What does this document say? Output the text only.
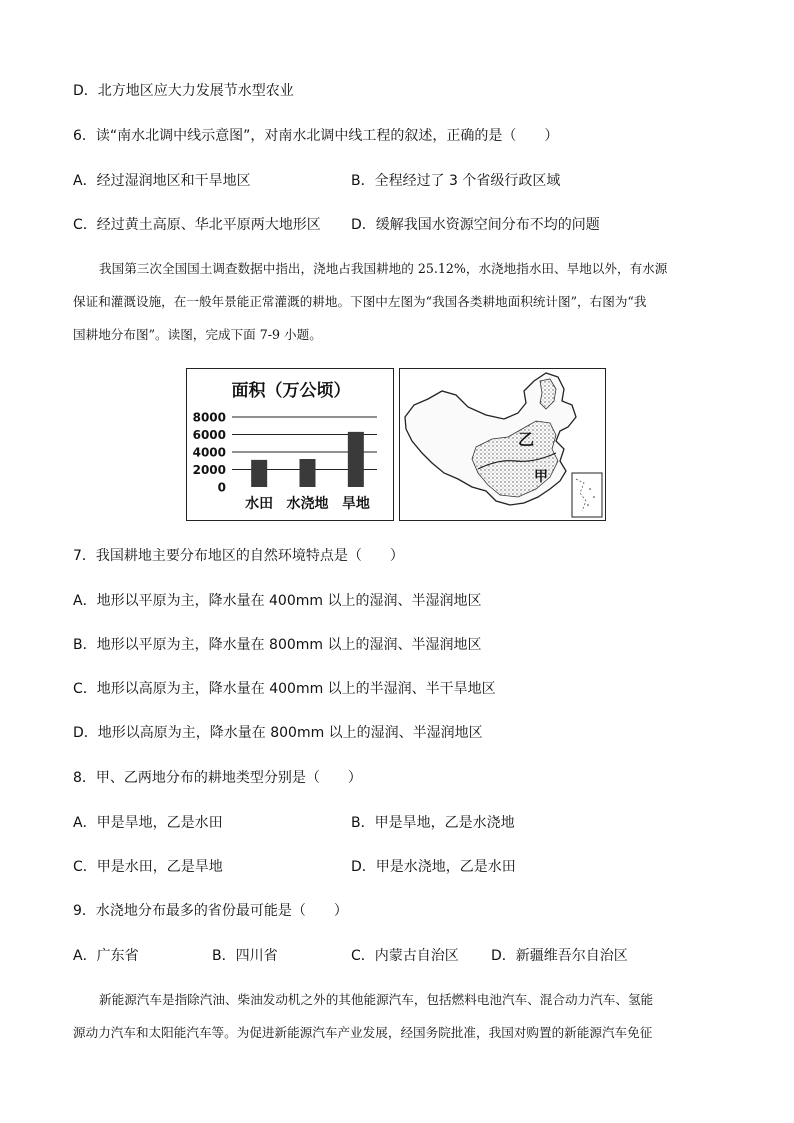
D．北方地区应大力发展节水型农业
6．读“南水北调中线示意图”，对南水北调中线工程的叙述，正确的是（　　）
A．经过湿润地区和干旱地区	B．全程经过了 3 个省级行政区域
C．经过黄土高原、华北平原两大地形区 D．缓解我国水资源空间分布不均的问题
我国第三次全国国土调查数据中指出，浇地占我国耕地的 25.12%，水浇地指水田、旱地以外，有水源
保证和灌溉设施，在一般年景能正常灌溉的耕地。下图中左图为“我国各类耕地面积统计图”，右图为“我
国耕地分布图”。读图，完成下面 7-9 小题。
面积（万公顷）
0
2000
4000
6000
8000
水田 水浇地 旱地
乙
甲
7．我国耕地主要分布地区的自然环境特点是（　　）
A．地形以平原为主，降水量在 400mm 以上的湿润、半湿润地区
B．地形以平原为主，降水量在 800mm 以上的湿润、半湿润地区
C．地形以高原为主，降水量在 400mm 以上的半湿润、半干旱地区
D．地形以高原为主，降水量在 800mm 以上的湿润、半湿润地区
8．甲、乙两地分布的耕地类型分别是（　　）
A．甲是旱地，乙是水田	B．甲是旱地，乙是水浇地
C．甲是水田，乙是旱地	D．甲是水浇地，乙是水田
9．水浇地分布最多的省份最可能是（　　）
A．广东省	B．四川省	C．内蒙古自治区 D．新疆维吾尔自治区
新能源汽车是指除汽油、柴油发动机之外的其他能源汽车，包括燃料电池汽车、混合动力汽车、氢能
源动力汽车和太阳能汽车等。为促进新能源汽车产业发展，经国务院批准，我国对购置的新能源汽车免征
